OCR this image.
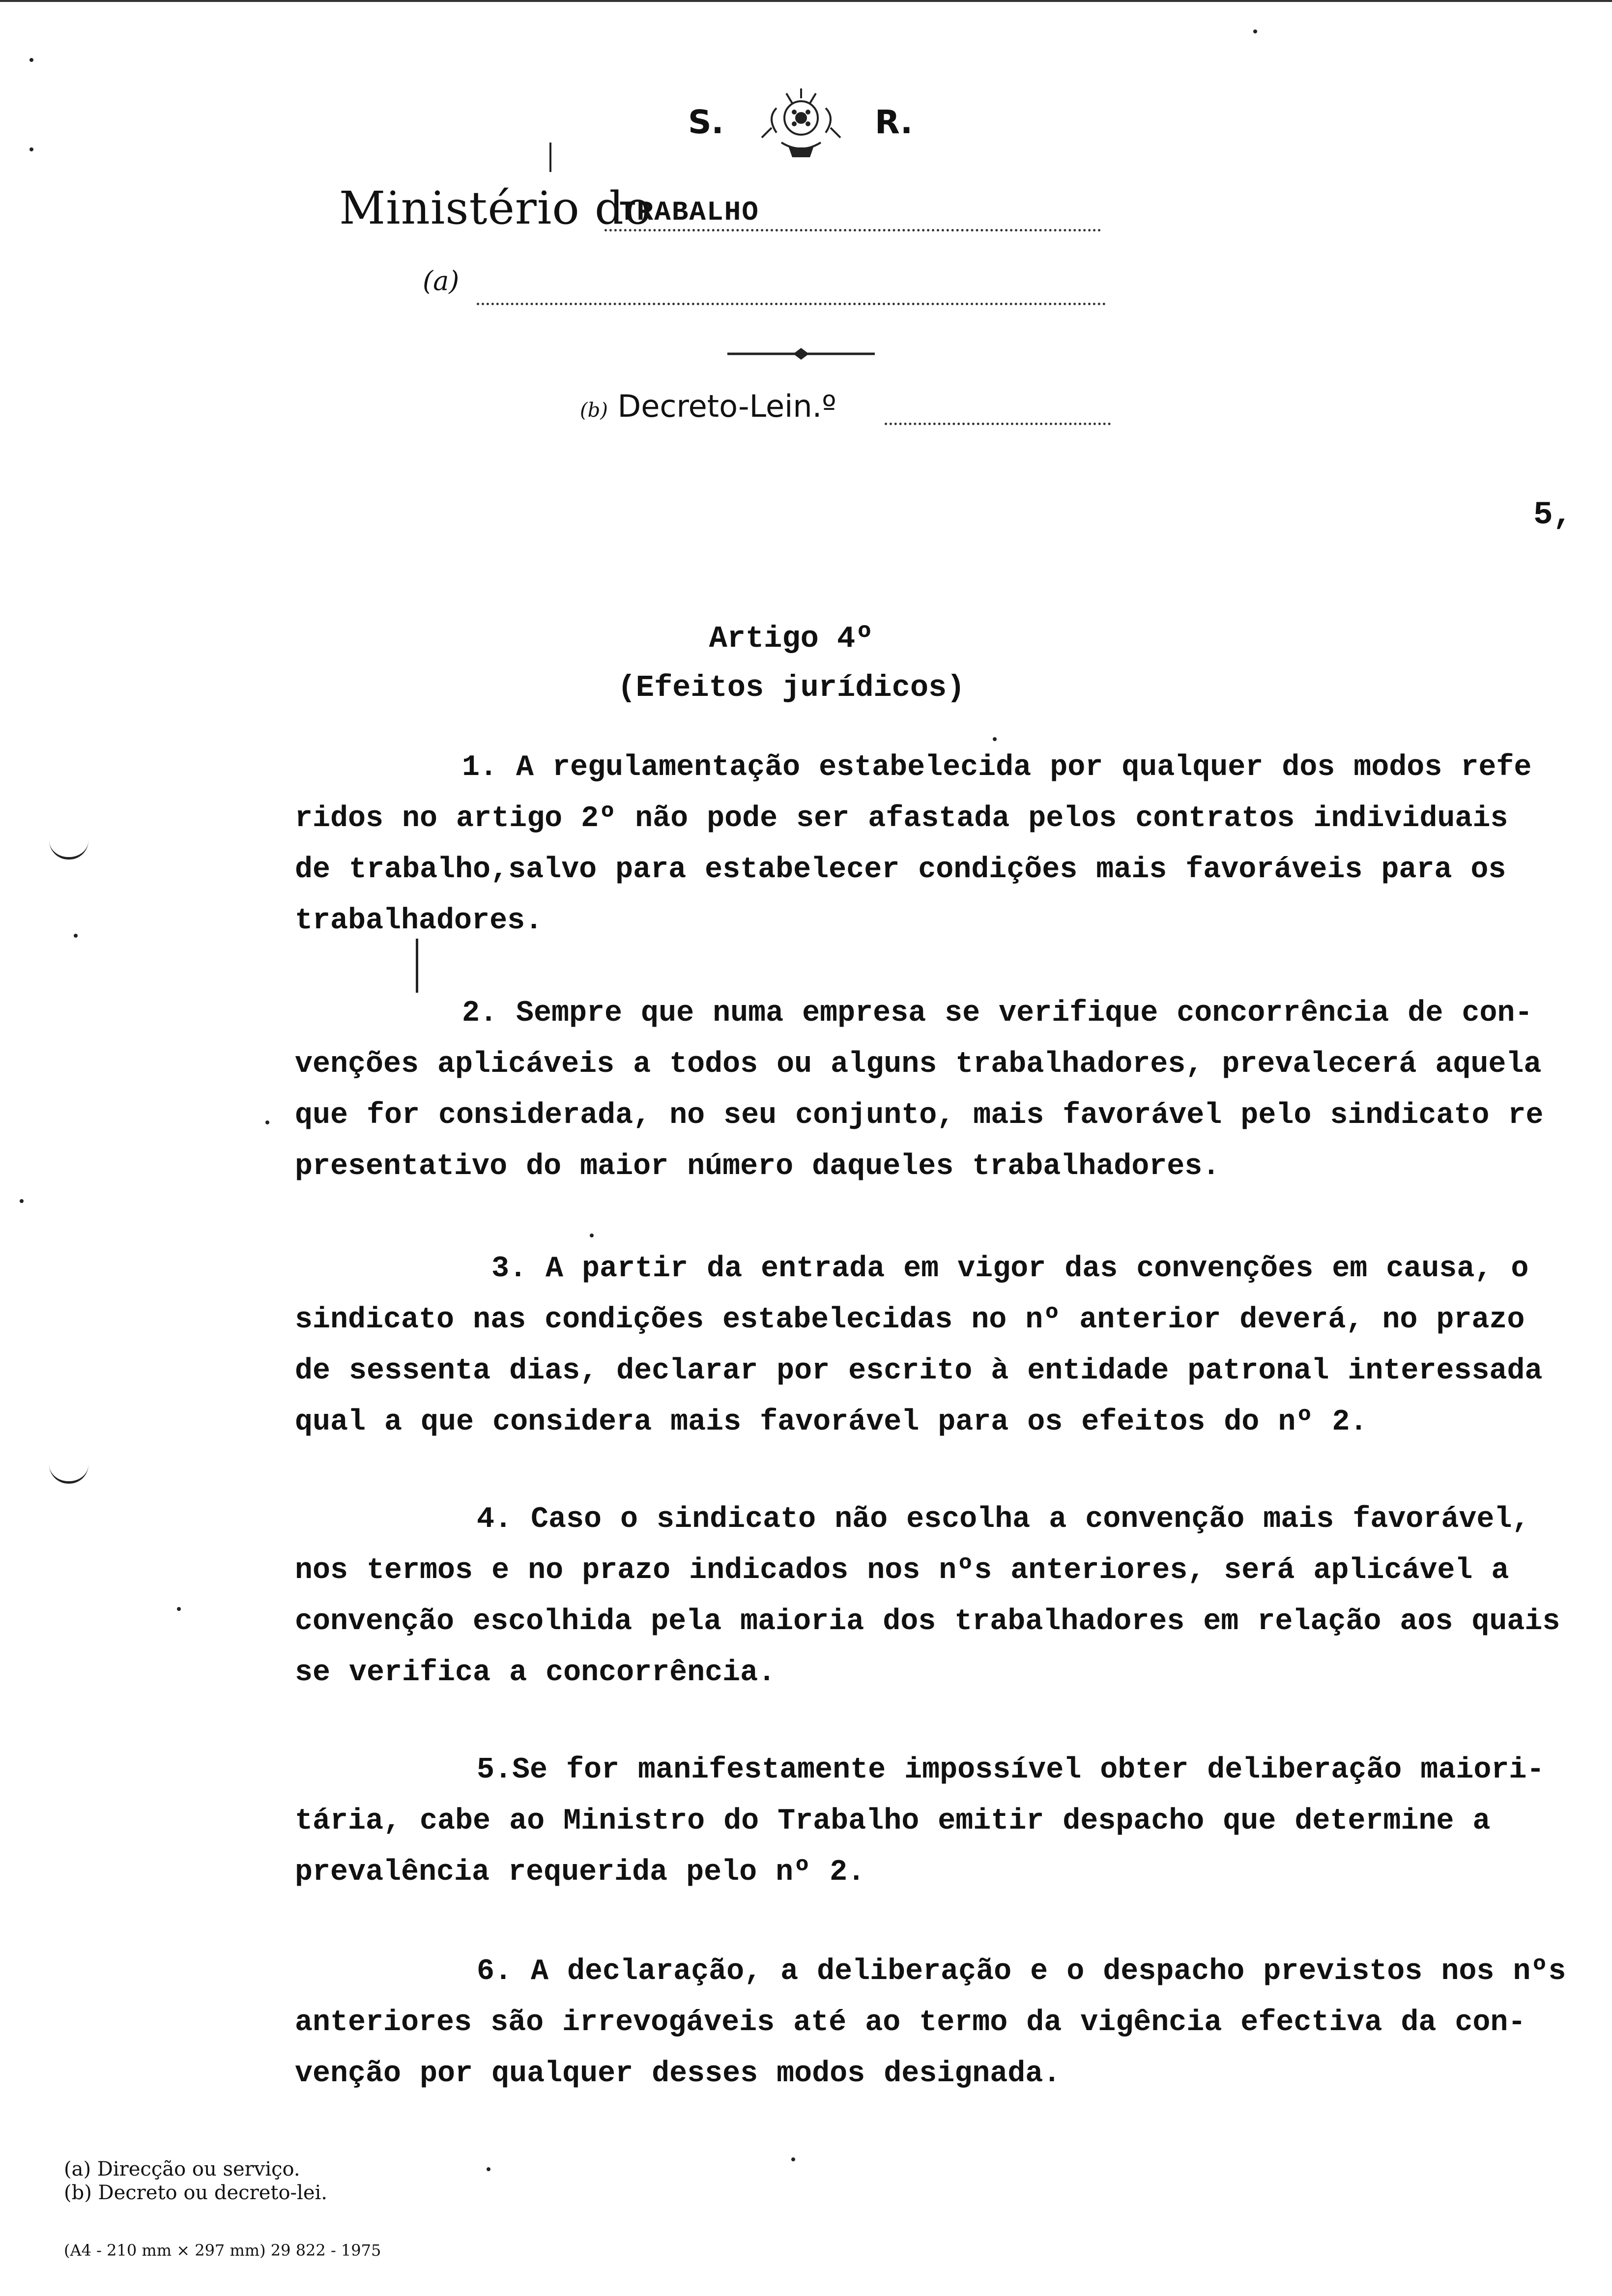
S.	R.
Ministério do
TRABALHO
(a)
(b) Decreto-Lein.º
5,
Artigo 4º
(Efeitos jurídicos)
1. A regulamentação estabelecida por qualquer dos modos refe
ridos no artigo 2º não pode ser afastada pelos contratos individuais
de trabalho,salvo para estabelecer condições mais favoráveis para os
trabalhadores.
2. Sempre que numa empresa se verifique concorrência de con-
venções aplicáveis a todos ou alguns trabalhadores, prevalecerá aquela
que for considerada, no seu conjunto, mais favorável pelo sindicato re
presentativo do maior número daqueles trabalhadores.
3. A partir da entrada em vigor das convenções em causa, o
sindicato nas condições estabelecidas no nº anterior deverá, no prazo
de sessenta dias, declarar por escrito à entidade patronal interessada
qual a que considera mais favorável para os efeitos do nº 2.
4. Caso o sindicato não escolha a convenção mais favorável,
nos termos e no prazo indicados nos nºs anteriores, será aplicável a
convenção escolhida pela maioria dos trabalhadores em relação aos quais
se verifica a concorrência.
5.Se for manifestamente impossível obter deliberação maiori-
tária, cabe ao Ministro do Trabalho emitir despacho que determine a
prevalência requerida pelo nº 2.
6. A declaração, a deliberação e o despacho previstos nos nºs
anteriores são irrevogáveis até ao termo da vigência efectiva da con-
venção por qualquer desses modos designada.

(a) Direcção ou serviço.

(b) Decreto ou decreto-lei.

(A4 - 210 mm × 297 mm) 29 822 - 1975
